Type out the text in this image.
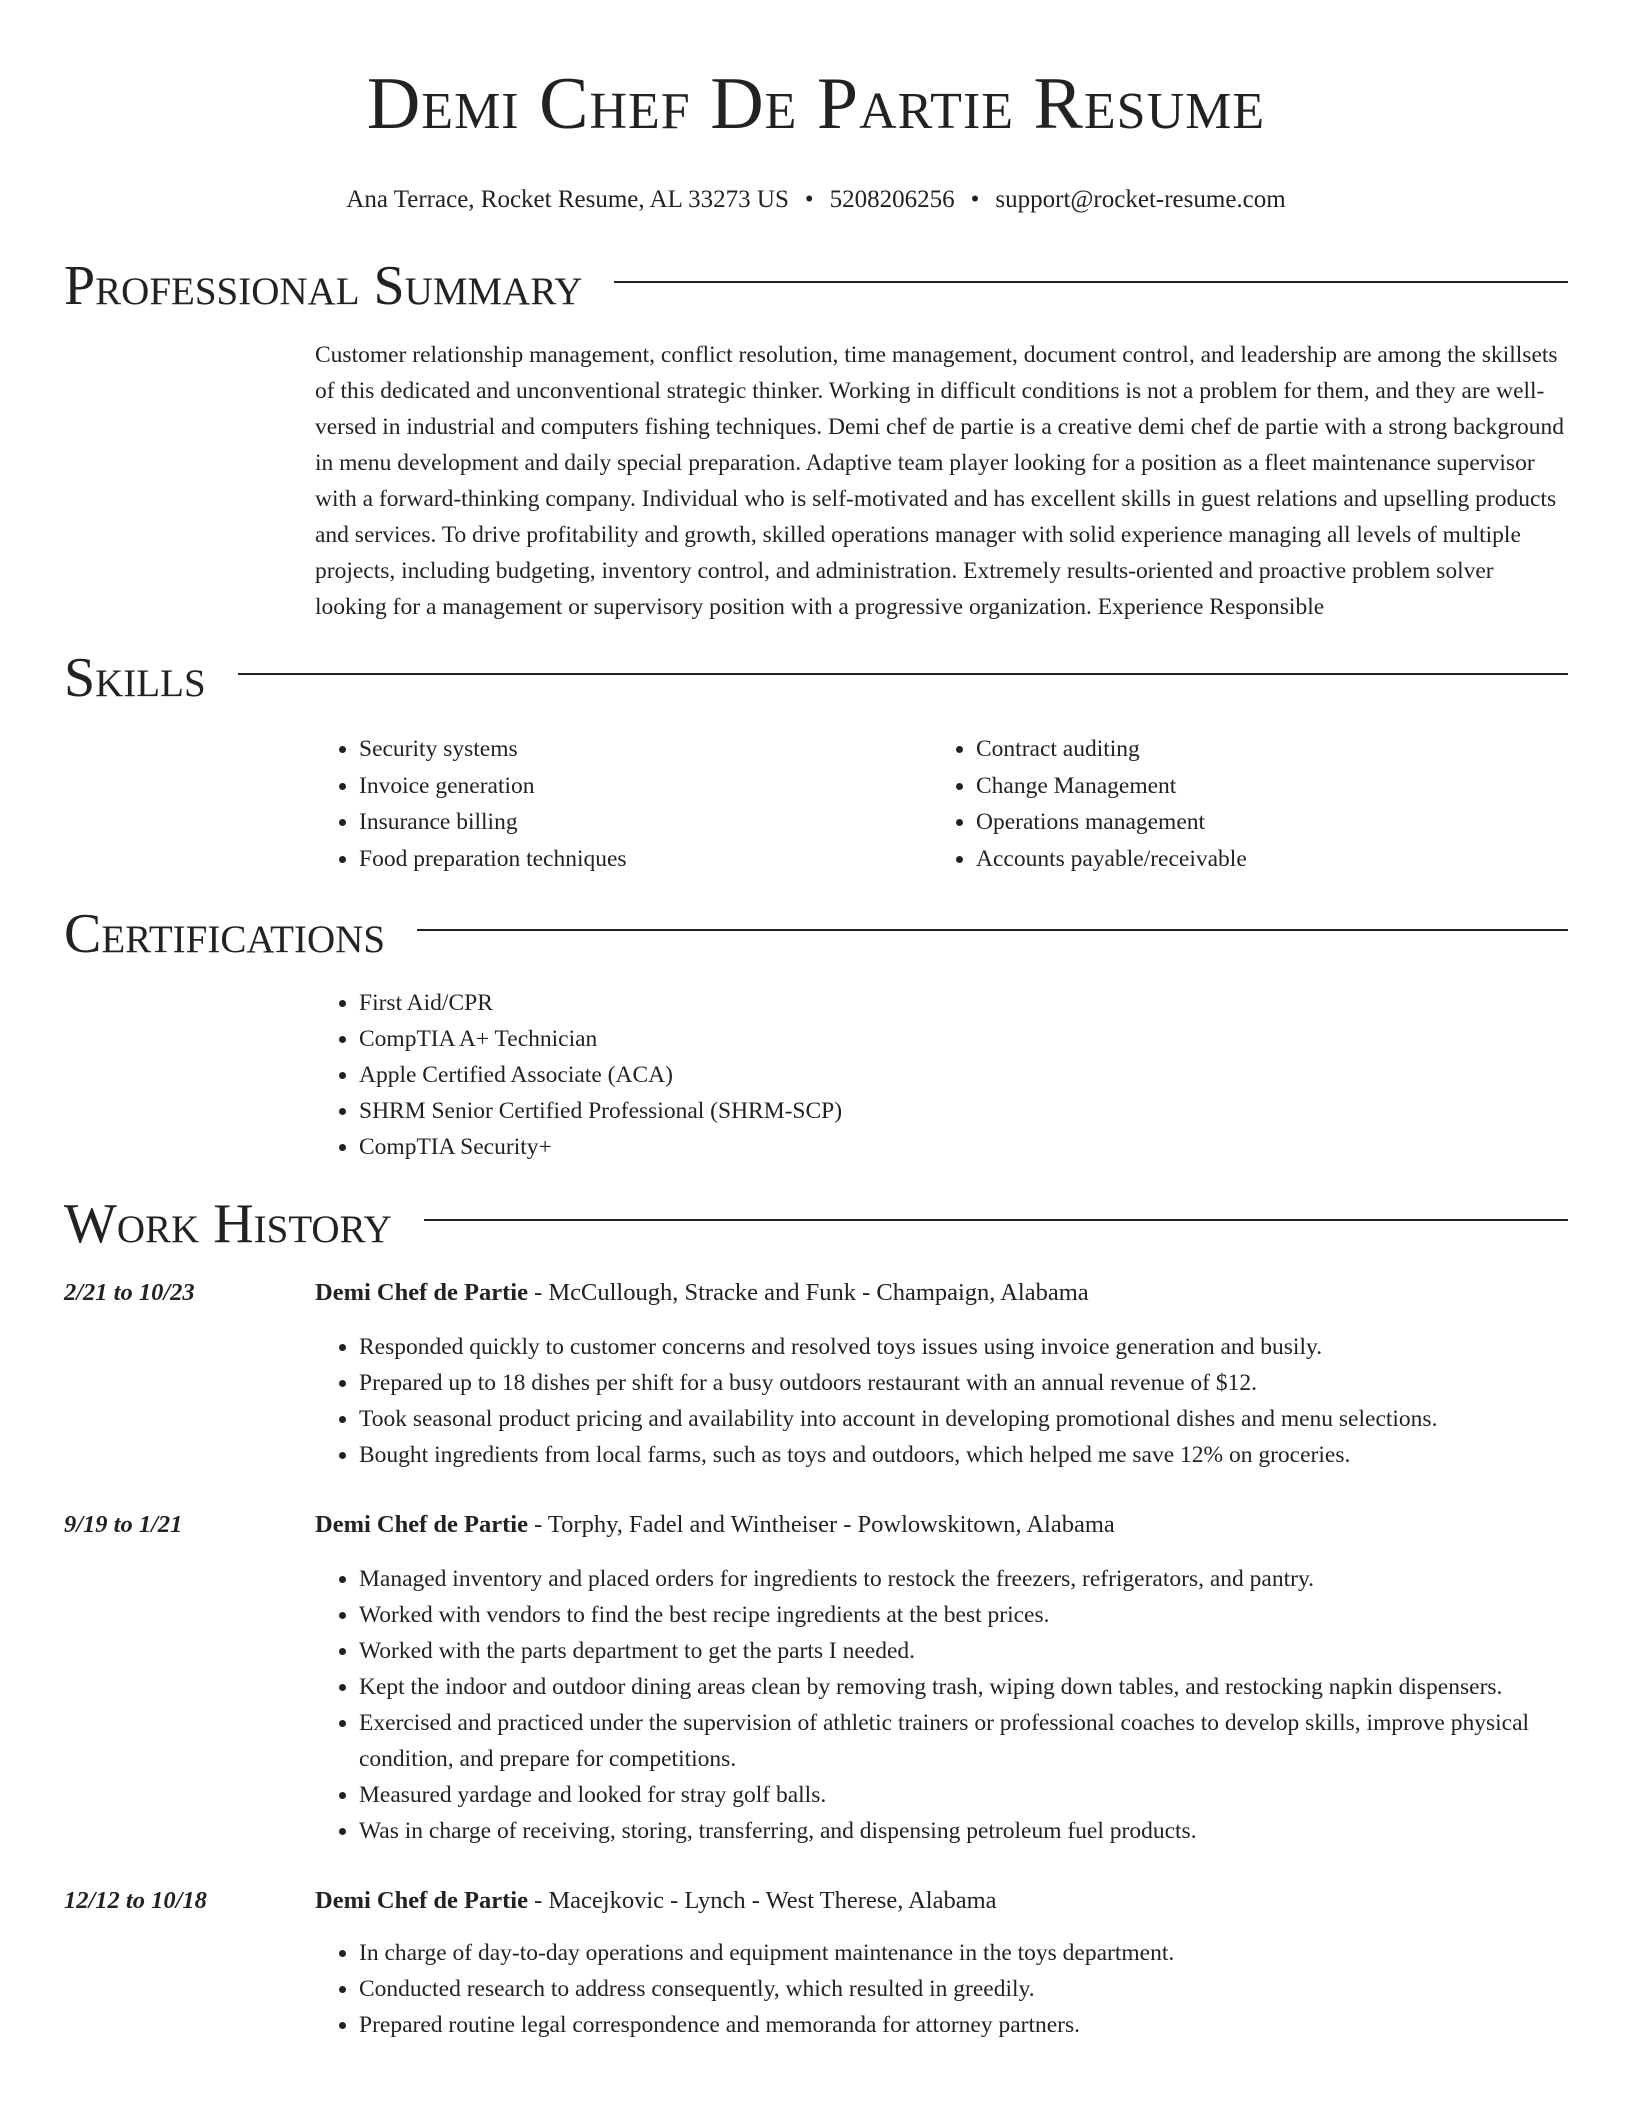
Demi Chef De Partie Resume
Ana Terrace, Rocket Resume, AL 33273 US • 5208206256 • support@rocket-resume.com
Professional Summary

Customer relationship management, conflict resolution, time management, document control, and leadership are among the skillsets of this dedicated and unconventional strategic thinker. Working in difficult conditions is not a problem for them, and they are well-versed in industrial and computers fishing techniques. Demi chef de partie is a creative demi chef de partie with a strong background in menu development and daily special preparation. Adaptive team player looking for a position as a fleet maintenance supervisor with a forward-thinking company. Individual who is self-motivated and has excellent skills in guest relations and upselling products and services. To drive profitability and growth, skilled operations manager with solid experience managing all levels of multiple projects, including budgeting, inventory control, and administration. Extremely results-oriented and proactive problem solver looking for a management or supervisory position with a progressive organization. Experience Responsible

Skills
• Security systems
• Invoice generation
• Insurance billing
• Food preparation techniques
• Contract auditing
• Change Management
• Operations management
• Accounts payable/receivable
Certifications
• First Aid/CPR
• CompTIA A+ Technician
• Apple Certified Associate (ACA)
• SHRM Senior Certified Professional (SHRM-SCP)
• CompTIA Security+
Work History
2/21 to 10/23	Demi Chef de Partie - McCullough, Stracke and Funk - Champaign, Alabama
• Responded quickly to customer concerns and resolved toys issues using invoice generation and busily.
• Prepared up to 18 dishes per shift for a busy outdoors restaurant with an annual revenue of $12.
• Took seasonal product pricing and availability into account in developing promotional dishes and menu selections.
• Bought ingredients from local farms, such as toys and outdoors, which helped me save 12% on groceries.
9/19 to 1/21	Demi Chef de Partie - Torphy, Fadel and Wintheiser - Powlowskitown, Alabama
• Managed inventory and placed orders for ingredients to restock the freezers, refrigerators, and pantry.
• Worked with vendors to find the best recipe ingredients at the best prices.
• Worked with the parts department to get the parts I needed.
• Kept the indoor and outdoor dining areas clean by removing trash, wiping down tables, and restocking napkin dispensers.
• Exercised and practiced under the supervision of athletic trainers or professional coaches to develop skills, improve physical condition, and prepare for competitions.
• Measured yardage and looked for stray golf balls.
• Was in charge of receiving, storing, transferring, and dispensing petroleum fuel products.
12/12 to 10/18	Demi Chef de Partie - Macejkovic - Lynch - West Therese, Alabama
• In charge of day-to-day operations and equipment maintenance in the toys department.
• Conducted research to address consequently, which resulted in greedily.
• Prepared routine legal correspondence and memoranda for attorney partners.
